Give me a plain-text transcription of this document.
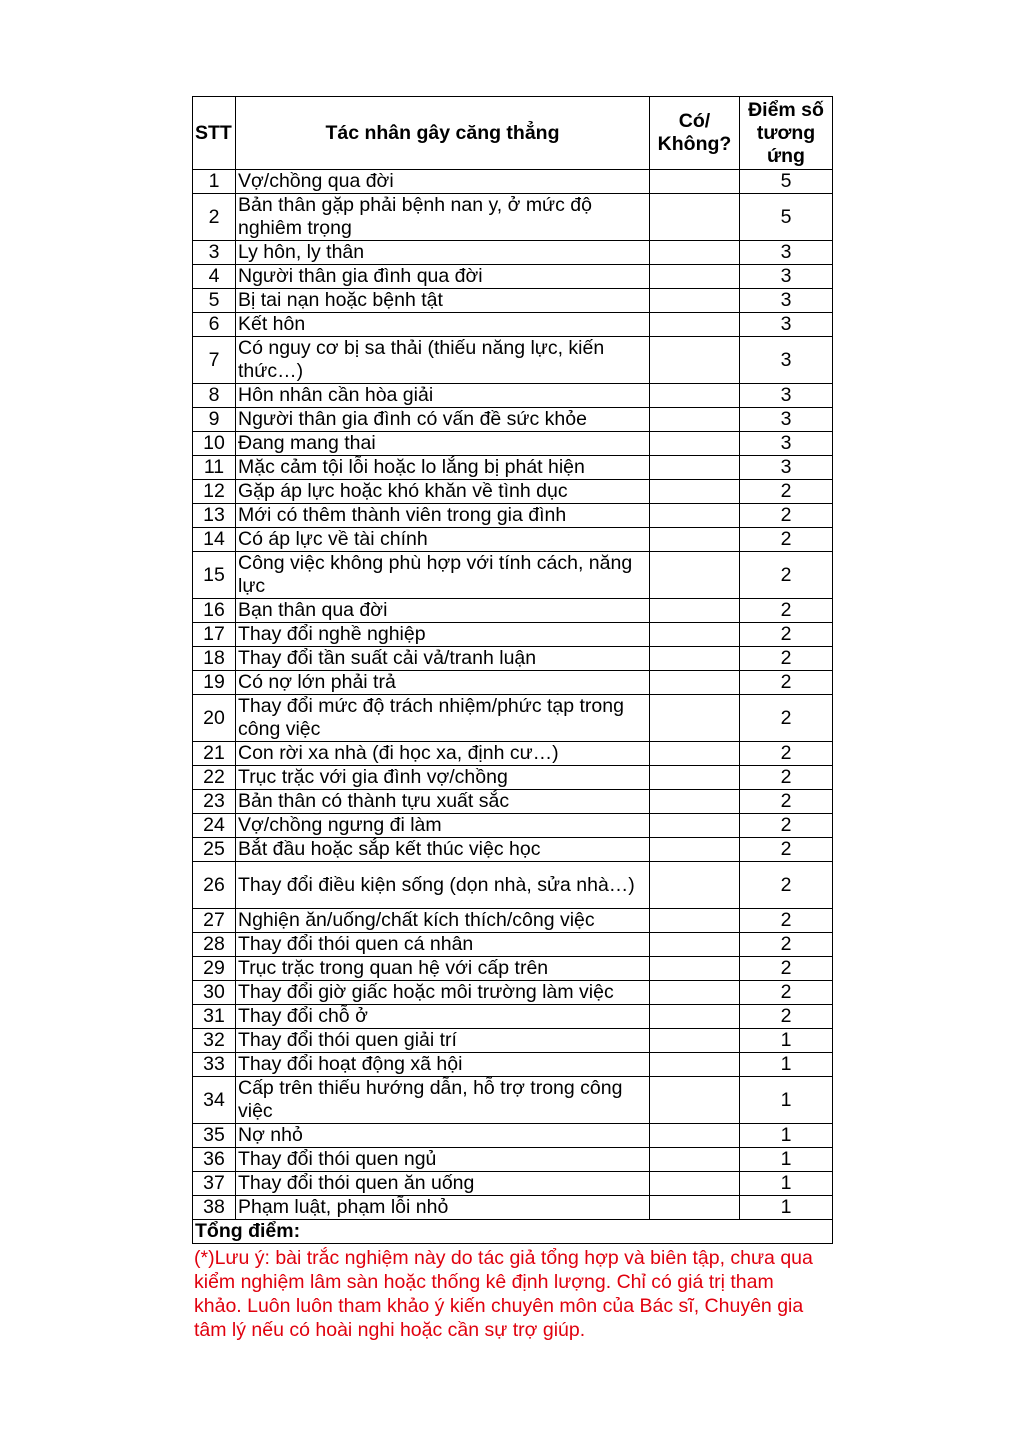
STT	Tác nhân gây căng thẳng	Có/ Không?	Điểm số tương ứng
1	Vợ/chồng qua đời		5
2	Bản thân gặp phải bệnh nan y, ở mức độ nghiêm trọng		5
3	Ly hôn, ly thân		3
4	Người thân gia đình qua đời		3
5	Bị tai nạn hoặc bệnh tật		3
6	Kết hôn		3
7	Có nguy cơ bị sa thải (thiếu năng lực, kiến thức…)		3
8	Hôn nhân cần hòa giải		3
9	Người thân gia đình có vấn đề sức khỏe		3
10	Đang mang thai		3
11	Mặc cảm tội lỗi hoặc lo lắng bị phát hiện		3
12	Gặp áp lực hoặc khó khăn về tình dục		2
13	Mới có thêm thành viên trong gia đình		2
14	Có áp lực về tài chính		2
15	Công việc không phù hợp với tính cách, năng lực		2
16	Bạn thân qua đời		2
17	Thay đổi nghề nghiệp		2
18	Thay đổi tần suất cải vả/tranh luận		2
19	Có nợ lớn phải trả		2
20	Thay đổi mức độ trách nhiệm/phức tạp trong công việc		2
21	Con rời xa nhà (đi học xa, định cư…)		2
22	Trục trặc với gia đình vợ/chồng		2
23	Bản thân có thành tựu xuất sắc		2
24	Vợ/chồng ngưng đi làm		2
25	Bắt đầu hoặc sắp kết thúc việc học		2
26	Thay đổi điều kiện sống (dọn nhà, sửa nhà…)		2
27	Nghiện ăn/uống/chất kích thích/công việc		2
28	Thay đổi thói quen cá nhân		2
29	Trục trặc trong quan hệ với cấp trên		2
30	Thay đổi giờ giấc hoặc môi trường làm việc		2
31	Thay đổi chỗ ở		2
32	Thay đổi thói quen giải trí		1
33	Thay đổi hoạt động xã hội		1
34	Cấp trên thiếu hướng dẫn, hỗ trợ trong công việc		1
35	Nợ nhỏ		1
36	Thay đổi thói quen ngủ		1
37	Thay đổi thói quen ăn uống		1
38	Phạm luật, phạm lỗi nhỏ		1
Tổng điểm:			
(*)Lưu ý: bài trắc nghiệm này do tác giả tổng hợp và biên tập, chưa qua kiểm nghiệm lâm sàn hoặc thống kê định lượng. Chỉ có giá trị tham khảo. Luôn luôn tham khảo ý kiến chuyên môn của Bác sĩ, Chuyên gia tâm lý nếu có hoài nghi hoặc cần sự trợ giúp.
